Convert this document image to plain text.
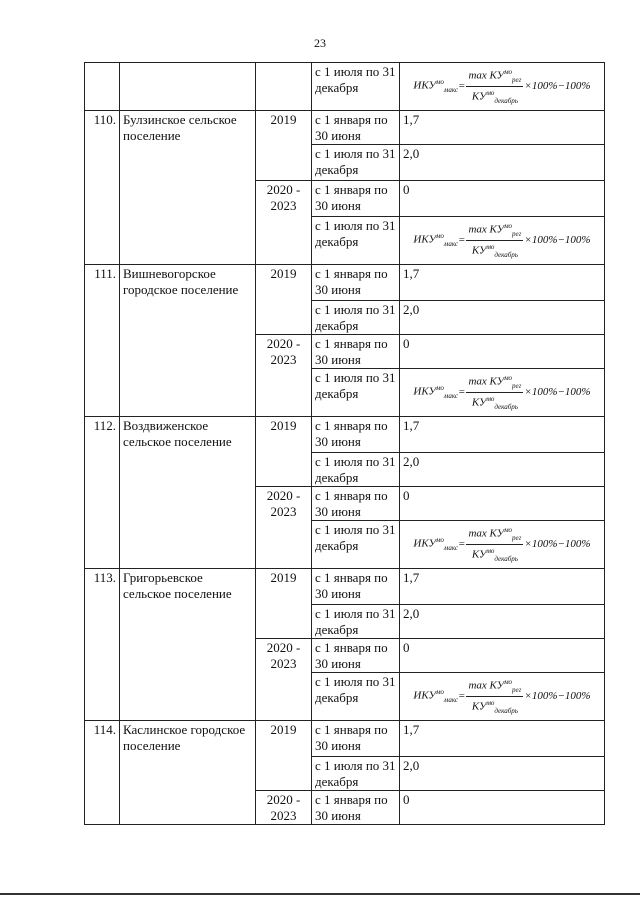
23
			с 1 июля по 31 декабря	$ИКУ^{мо}_{макс} = \frac{\max КУ^{мо}_{рег}}{КУ^{мо}_{декабрь}} \times 100\%-100\%$

110.	Булзинское сельское поселение	2019	с 1 января по 30 июня	1,7
			с 1 июля по 31 декабря	2,0
		2020 - 2023	с 1 января по 30 июня	0
			с 1 июля по 31 декабря	$ИКУ^{мо}_{макс} = \frac{\max КУ^{мо}_{рег}}{КУ^{мо}_{декабрь}} \times 100\%-100\%$

111.	Вишневогорское городское поселение	2019	с 1 января по 30 июня	1,7
			с 1 июля по 31 декабря	2,0
		2020 - 2023	с 1 января по 30 июня	0
			с 1 июля по 31 декабря	$ИКУ^{мо}_{макс} = \frac{\max КУ^{мо}_{рег}}{КУ^{мо}_{декабрь}} \times 100\%-100\%$

112.	Воздвиженское сельское поселение	2019	с 1 января по 30 июня	1,7
			с 1 июля по 31 декабря	2,0
		2020 - 2023	с 1 января по 30 июня	0
			с 1 июля по 31 декабря	$ИКУ^{мо}_{макс} = \frac{\max КУ^{мо}_{рег}}{КУ^{мо}_{декабрь}} \times 100\%-100\%$

113.	Григорьевское сельское поселение	2019	с 1 января по 30 июня	1,7
			с 1 июля по 31 декабря	2,0
		2020 - 2023	с 1 января по 30 июня	0
			с 1 июля по 31 декабря	$ИКУ^{мо}_{макс} = \frac{\max КУ^{мо}_{рег}}{КУ^{мо}_{декабрь}} \times 100\%-100\%$

114.	Каслинское городское поселение	2019	с 1 января по 30 июня	1,7
			с 1 июля по 31 декабря	2,0
		2020 - 2023	с 1 января по 30 июня	0
